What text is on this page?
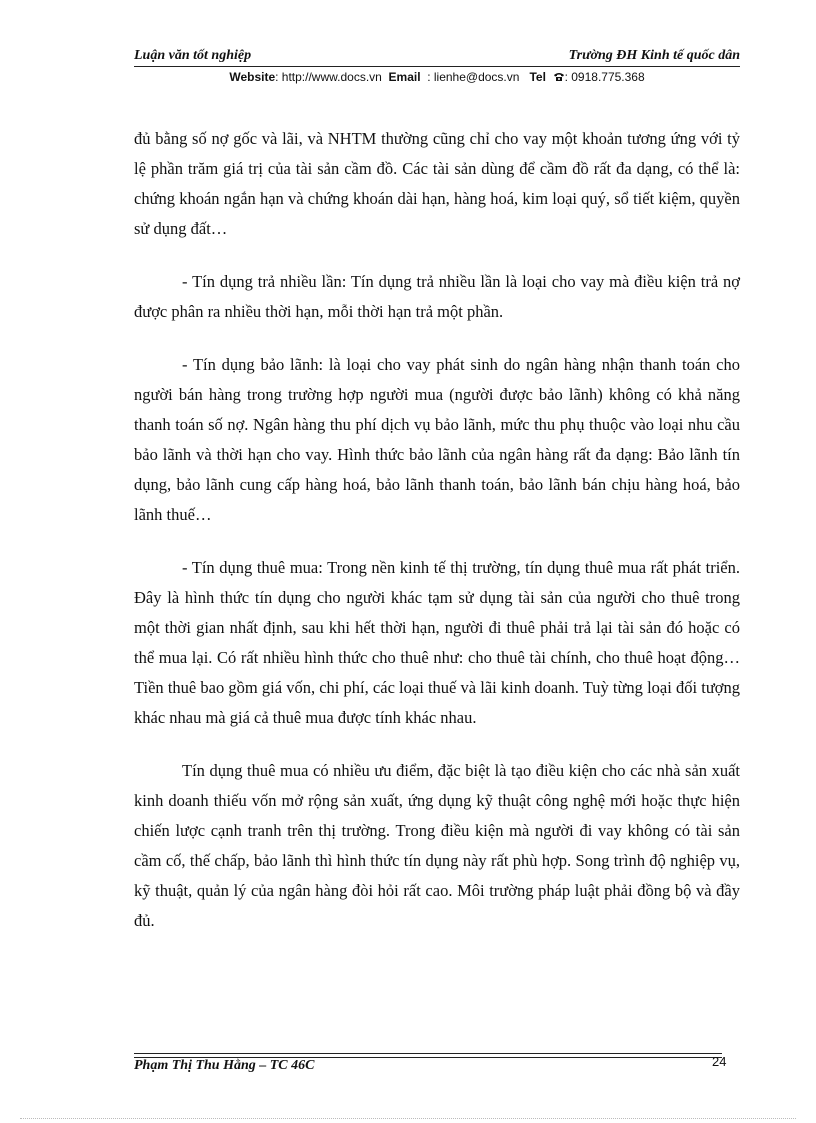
Luận văn tốt nghiệp	Trường ĐH Kinh tế quốc dân
Website: http://www.docs.vn Email : lienhe@docs.vn Tel : 0918.775.368

đủ bằng số nợ gốc và lãi, và NHTM thường cũng chỉ cho vay một khoản tương ứng với tỷ lệ phần trăm giá trị của tài sản cầm đồ. Các tài sản dùng để cầm đồ rất đa dạng, có thể là: chứng khoán ngắn hạn và chứng khoán dài hạn, hàng hoá, kim loại quý, sổ tiết kiệm, quyền sử dụng đất…

- Tín dụng trả nhiều lần: Tín dụng trả nhiều lần là loại cho vay mà điều kiện trả nợ được phân ra nhiều thời hạn, mỗi thời hạn trả một phần.

- Tín dụng bảo lãnh: là loại cho vay phát sinh do ngân hàng nhận thanh toán cho người bán hàng trong trường hợp người mua (người được bảo lãnh) không có khả năng thanh toán số nợ. Ngân hàng thu phí dịch vụ bảo lãnh, mức thu phụ thuộc vào loại nhu cầu bảo lãnh và thời hạn cho vay. Hình thức bảo lãnh của ngân hàng rất đa dạng: Bảo lãnh tín dụng, bảo lãnh cung cấp hàng hoá, bảo lãnh thanh toán, bảo lãnh bán chịu hàng hoá, bảo lãnh thuế…

- Tín dụng thuê mua: Trong nền kinh tế thị trường, tín dụng thuê mua rất phát triển. Đây là hình thức tín dụng cho người khác tạm sử dụng tài sản của người cho thuê trong một thời gian nhất định, sau khi hết thời hạn, người đi thuê phải trả lại tài sản đó hoặc có thể mua lại. Có rất nhiều hình thức cho thuê như: cho thuê tài chính, cho thuê hoạt động… Tiền thuê bao gồm giá vốn, chi phí, các loại thuế và lãi kinh doanh. Tuỳ từng loại đối tượng khác nhau mà giá cả thuê mua được tính khác nhau.

Tín dụng thuê mua có nhiều ưu điểm, đặc biệt là tạo điều kiện cho các nhà sản xuất kinh doanh thiếu vốn mở rộng sản xuất, ứng dụng kỹ thuật công nghệ mới hoặc thực hiện chiến lược cạnh tranh trên thị trường. Trong điều kiện mà người đi vay không có tài sản cầm cố, thế chấp, bảo lãnh thì hình thức tín dụng này rất phù hợp. Song trình độ nghiệp vụ, kỹ thuật, quản lý của ngân hàng đòi hỏi rất cao. Môi trường pháp luật phải đồng bộ và đầy đủ.

Phạm Thị Thu Hằng – TC 46C	24
